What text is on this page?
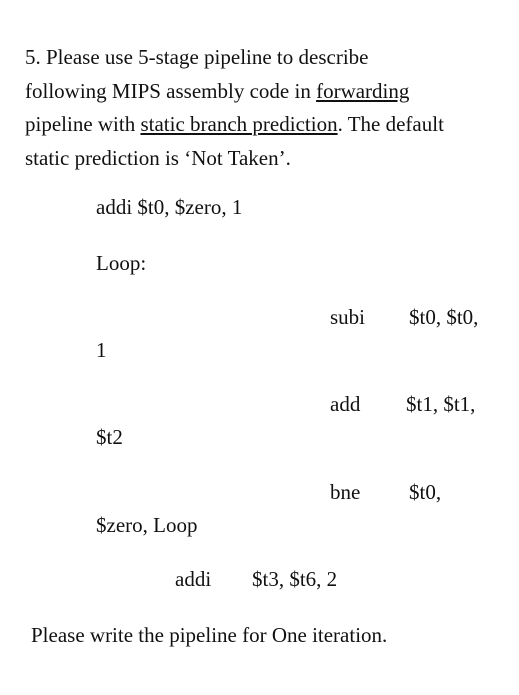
5. Please use 5-stage pipeline to describe
following MIPS assembly code in forwarding
pipeline with static branch prediction. The default
static prediction is ‘Not Taken’.
addi $t0, $zero, 1
Loop:
subi $t0, $t0,
1
add $t1, $t1,
$t2
bne $t0,
$zero, Loop
addi $t3, $t6, 2
Please write the pipeline for One iteration.
